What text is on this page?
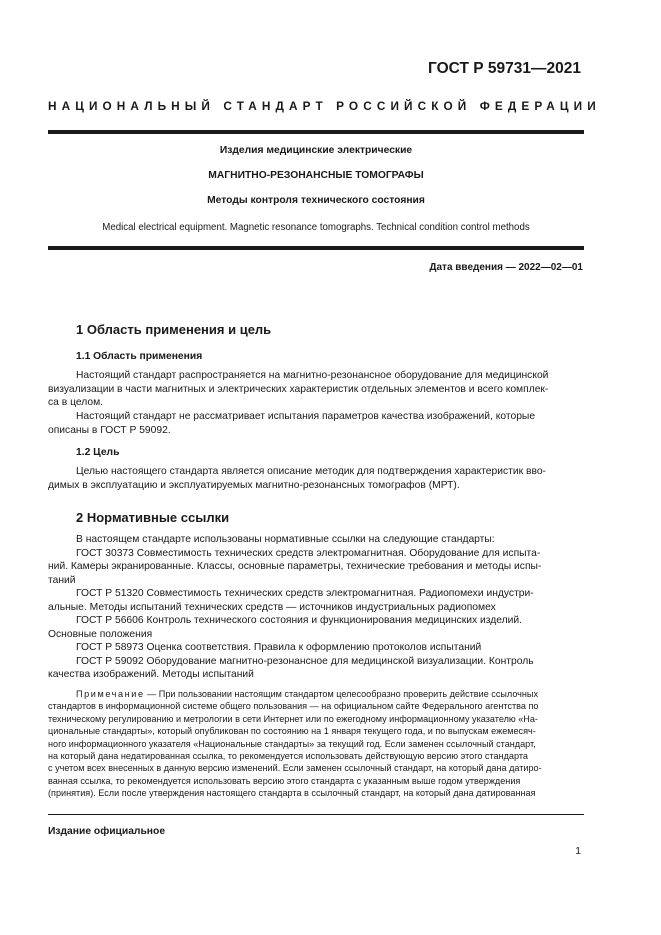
ГОСТ Р 59731—2021
НАЦИОНАЛЬНЫЙ СТАНДАРТ РОССИЙСКОЙ ФЕДЕРАЦИИ
Изделия медицинские электрические
МАГНИТНО-РЕЗОНАНСНЫЕ ТОМОГРАФЫ
Методы контроля технического состояния
Medical electrical equipment. Magnetic resonance tomographs. Technical condition control methods
Дата введения — 2022—02—01
1 Область применения и цель
1.1 Область применения
Настоящий стандарт распространяется на магнитно-резонансное оборудование для медицинской
визуализации в части магнитных и электрических характеристик отдельных элементов и всего комплек-
са в целом.
Настоящий стандарт не рассматривает испытания параметров качества изображений, которые
описаны в ГОСТ Р 59092.
1.2 Цель
Целью настоящего стандарта является описание методик для подтверждения характеристик вво-
димых в эксплуатацию и эксплуатируемых магнитно-резонансных томографов (МРТ).
2 Нормативные ссылки
В настоящем стандарте использованы нормативные ссылки на следующие стандарты:
ГОСТ 30373 Совместимость технических средств электромагнитная. Оборудование для испыта-
ний. Камеры экранированные. Классы, основные параметры, технические требования и методы испы-
таний
ГОСТ Р 51320 Совместимость технических средств электромагнитная. Радиопомехи индустри-
альные. Методы испытаний технических средств — источников индустриальных радиопомех
ГОСТ Р 56606 Контроль технического состояния и функционирования медицинских изделий.
Основные положения
ГОСТ Р 58973 Оценка соответствия. Правила к оформлению протоколов испытаний
ГОСТ Р 59092 Оборудование магнитно-резонансное для медицинской визуализации. Контроль
качества изображений. Методы испытаний
Примечание — При пользовании настоящим стандартом целесообразно проверить действие ссылочных
стандартов в информационной системе общего пользования — на официальном сайте Федерального агентства по
техническому регулированию и метрологии в сети Интернет или по ежегодному информационному указателю «На-
циональные стандарты», который опубликован по состоянию на 1 января текущего года, и по выпускам ежемесяч-
ного информационного указателя «Национальные стандарты» за текущий год. Если заменен ссылочный стандарт,
на который дана недатированная ссылка, то рекомендуется использовать действующую версию этого стандарта
с учетом всех внесенных в данную версию изменений. Если заменен ссылочный стандарт, на который дана датиро-
ванная ссылка, то рекомендуется использовать версию этого стандарта с указанным выше годом утверждения
(принятия). Если после утверждения настоящего стандарта в ссылочный стандарт, на который дана датированная
Издание официальное
1
